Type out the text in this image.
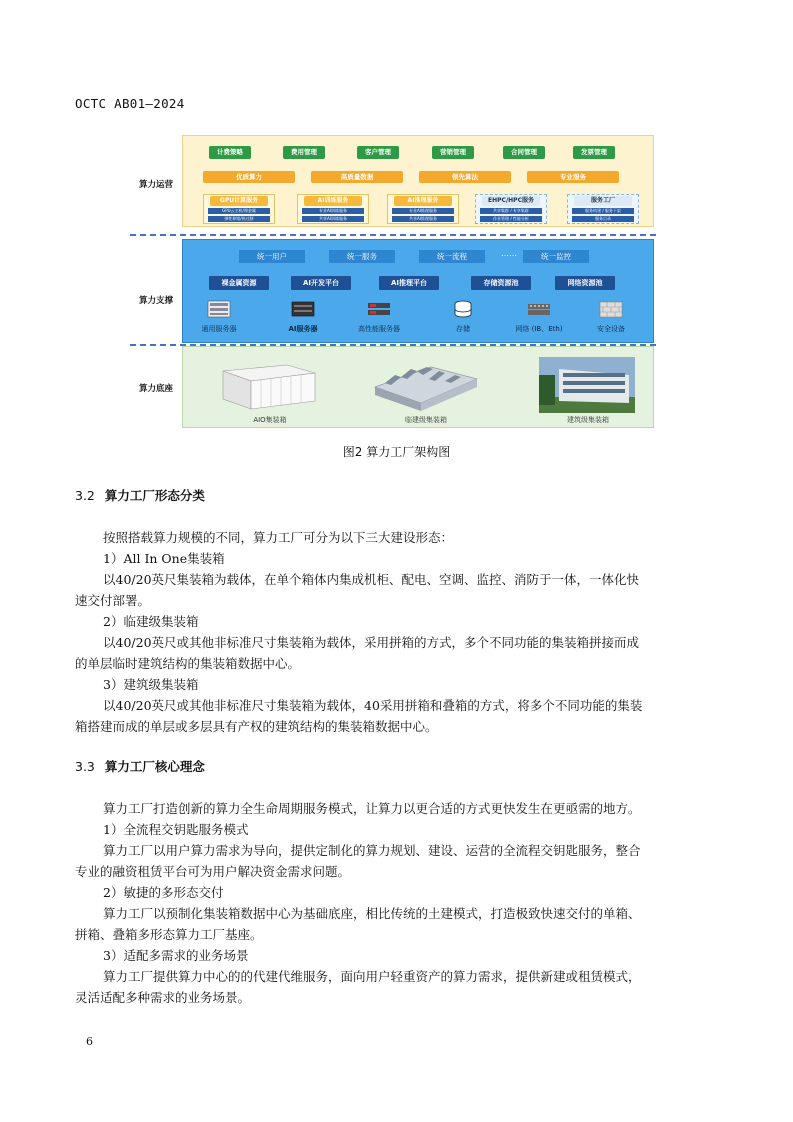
OCTC AB01—2024
算力运营
算力支撑
算力底座
计费策略	费用管理	客户管理	营销管理	合同管理	发票管理
优质算力	高质量数据	领先算法	专业服务
GPU计算服务
GPU云主机/裸金属
弹性伸缩/热迁移
AI训练服务
专业AI训练服务
共享AI训练服务
AI推理服务
专业AI推理服务
共享AI推理服务
EHPC/HPC服务
共享集群 / 专享集群
作业管理 / 性能分析
服务工厂
服务构建 / 服务下架
服务目录
统一用户	统一服务	统一流程	……	统一监控
裸金属资源	AI开发平台	AI推理平台	存储资源池	网络资源池
通用服务器	AI服务器	高性能服务器	存储	网络 (IB、Eth)	安全设备
AIO集装箱	临建级集装箱	建筑级集装箱
图2 算力工厂架构图
3.2 算力工厂形态分类
按照搭载算力规模的不同，算力工厂可分为以下三大建设形态：
1）All In One集装箱
以40/20英尺集装箱为载体，在单个箱体内集成机柜、配电、空调、监控、消防于一体，一体化快
速交付部署。
2）临建级集装箱
以40/20英尺或其他非标准尺寸集装箱为载体，采用拼箱的方式，多个不同功能的集装箱拼接而成
的单层临时建筑结构的集装箱数据中心。
3）建筑级集装箱
以40/20英尺或其他非标准尺寸集装箱为载体，40采用拼箱和叠箱的方式，将多个不同功能的集装
箱搭建而成的单层或多层具有产权的建筑结构的集装箱数据中心。
3.3 算力工厂核心理念
算力工厂打造创新的算力全生命周期服务模式，让算力以更合适的方式更快发生在更亟需的地方。
1）全流程交钥匙服务模式
算力工厂以用户算力需求为导向，提供定制化的算力规划、建设、运营的全流程交钥匙服务，整合
专业的融资租赁平台可为用户解决资金需求问题。
2）敏捷的多形态交付
算力工厂以预制化集装箱数据中心为基础底座，相比传统的土建模式，打造极致快速交付的单箱、
拼箱、叠箱多形态算力工厂基座。
3）适配多需求的业务场景
算力工厂提供算力中心的的代建代维服务，面向用户轻重资产的算力需求，提供新建或租赁模式，
灵活适配多种需求的业务场景。
6
